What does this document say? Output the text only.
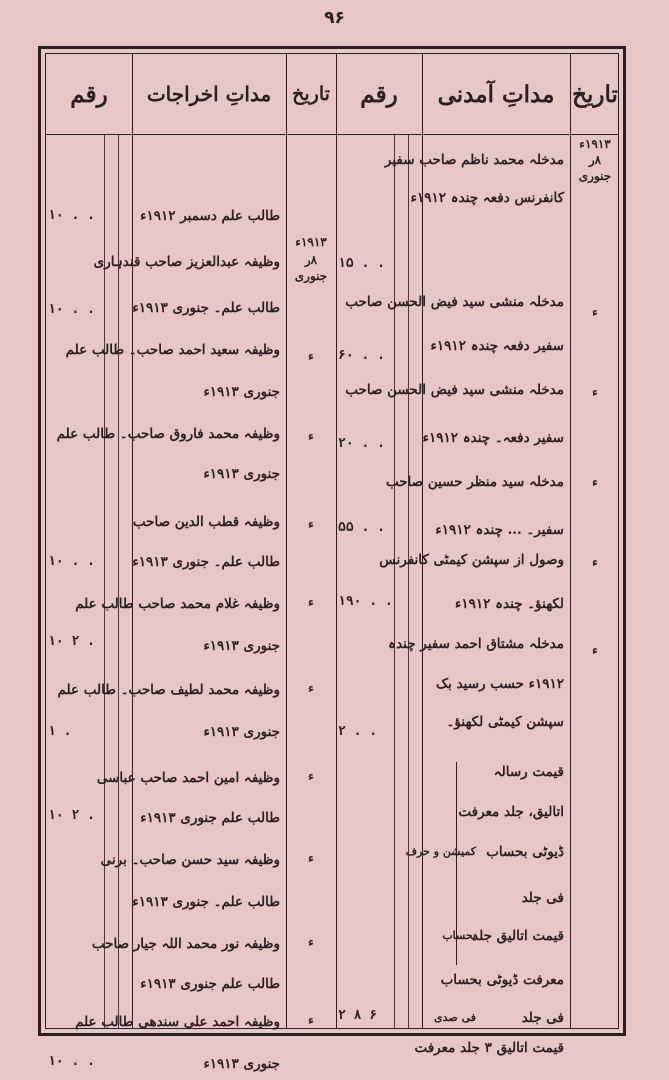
۹۶
تاریخ
مداتِ آمدنی
رقم
تاریخ
مداتِ اخراجات
رقم
۱۹۱۳ء
۸ر جنوری
ء
ء
ء
ء
ء
مدخلہ محمد ناظم صاحب سفیر
کانفرنس دفعہ چندہ ۱۹۱۲ء
مدخلہ منشی سید فیض الحسن صاحب
سفیر دفعہ چندہ ۱۹۱۲ء
مدخلہ منشی سید فیض الحسن صاحب
سفیر دفعہ۔ چندہ ۱۹۱۲ء
مدخلہ سید منظر حسین صاحب
سفیر۔ ... چندہ ۱۹۱۲ء
وصول از سپشن کیمٹی کانفرنس
لکھنؤ۔ چندہ ۱۹۱۲ء
مدخلہ مشتاق احمد سفیر چندہ
۱۹۱۲ء حسب رسید بک
سپشن کیمٹی لکھنؤ۔
قیمت رسالہ
اتالیق، جلد معرفت
ڈیوٹی بحساب
فی جلد
قیمت اتالیق جلد
معرفت ڈیوٹی بحساب
فی جلد
قیمت اتالیق ۳ جلد معرفت
کمیشن و حرف
بحساب
فی صدی
۱۵ . .
۶۰ . .
۲۰ . .
۵۵ . .
۱۹۰ . .
۲ . .
۲ ۸ ۶
۱۹۱۳ء
۸ر جنوری
ء
ء
ء
ء
ء
ء
ء
ء
ء
طالب علم دسمبر ۱۹۱۲ء
وظیفہ عبدالعزیز صاحب قندہاری
طالب علم۔ جنوری ۱۹۱۳ء
وظیفہ سعید احمد صاحب۔ طالب علم
جنوری ۱۹۱۳ء
وظیفہ محمد فاروق صاحب۔ طالب علم
جنوری ۱۹۱۳ء
وظیفہ قطب الدین صاحب
طالب علم۔ جنوری ۱۹۱۳ء
وظیفہ غلام محمد صاحب طالب علم
جنوری ۱۹۱۳ء
وظیفہ محمد لطیف صاحب۔ طالب علم
جنوری ۱۹۱۳ء
وظیفہ امین احمد صاحب عباسی
طالب علم جنوری ۱۹۱۳ء
وظیفہ سید حسن صاحب۔ برنی
طالب علم۔ جنوری ۱۹۱۳ء
وظیفہ نور محمد اللہ جیار صاحب
طالب علم جنوری ۱۹۱۳ء
وظیفہ احمد علی سندھی طالب علم
جنوری ۱۹۱۳ء
۱۰ . .
۱۰ . .
۱۰ . .
۱۰ ۲ .
۱ .
۱۰ ۲ .
۱۰ . .
